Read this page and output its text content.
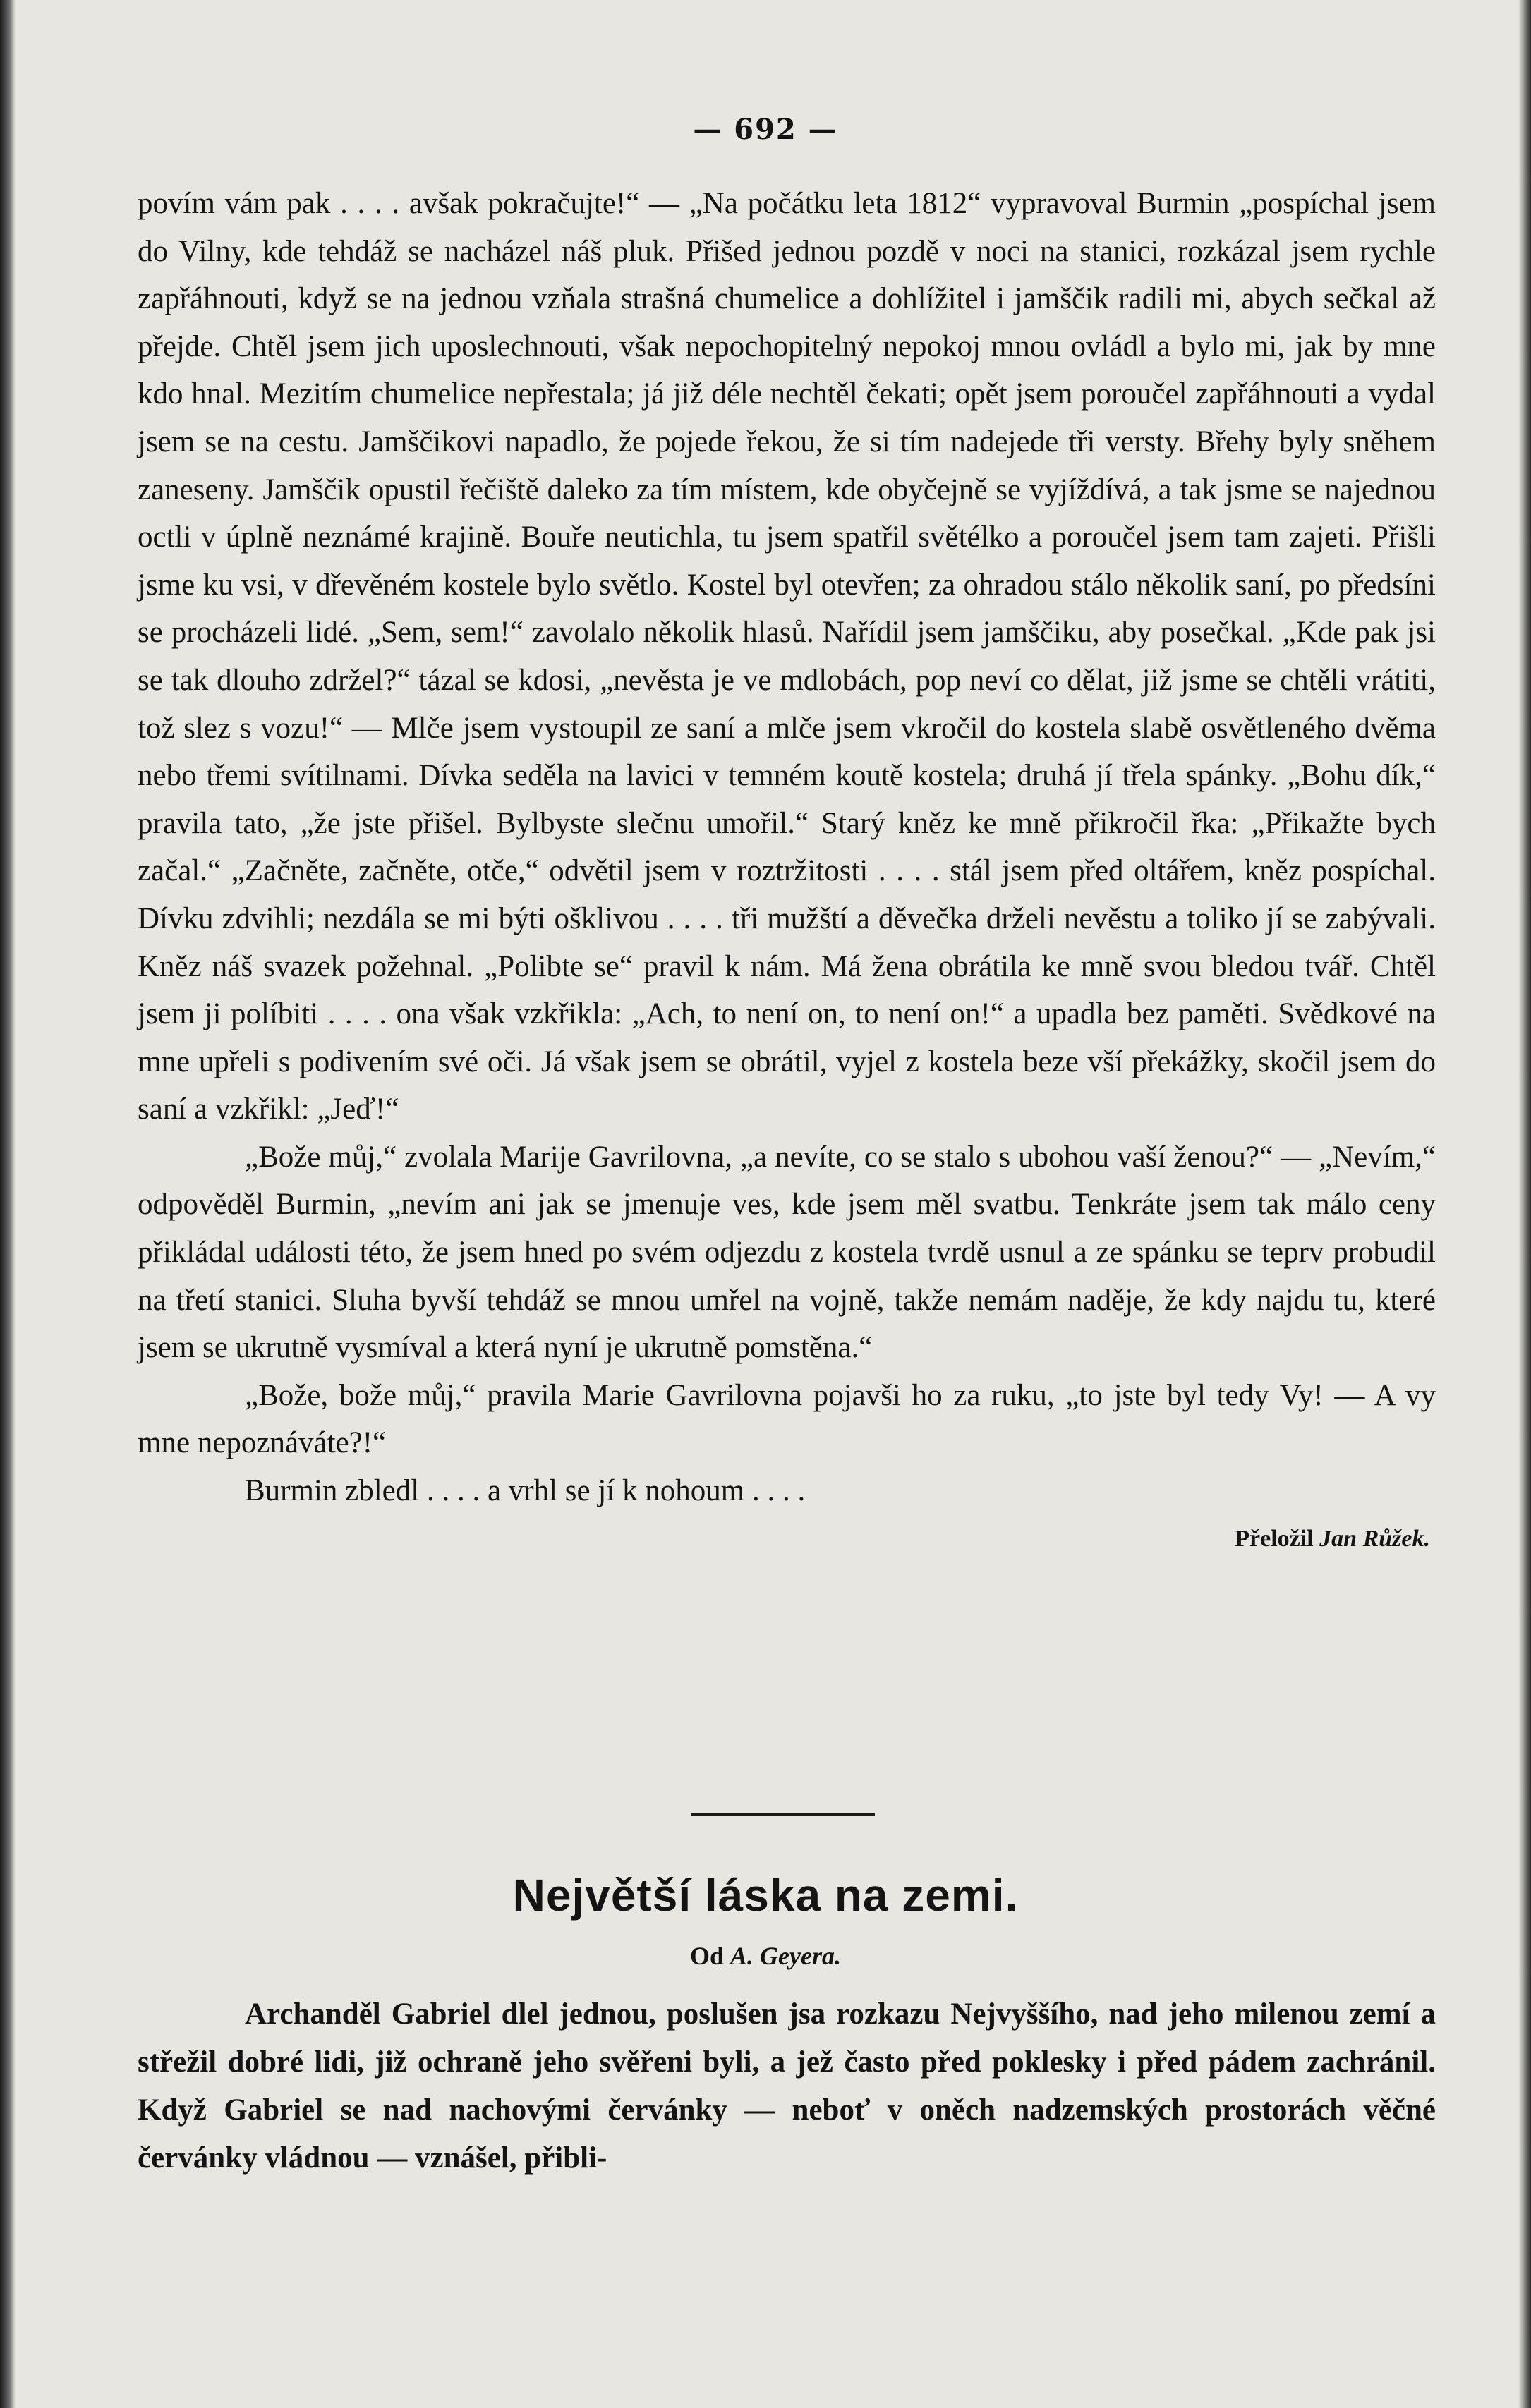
— 692 —

povím vám pak . . . . avšak pokračujte!“ — „Na počátku leta 1812“ vypravoval Burmin „pospíchal jsem do Vilny, kde tehdáž se nacházel náš pluk. Přišed jednou pozdě v noci na stanici, rozkázal jsem rychle zapřáhnouti, když se na jednou vzňala strašná chumelice a dohlížitel i jamščik radili mi, abych sečkal až přejde. Chtěl jsem jich uposlechnouti, však nepochopitelný nepokoj mnou ovládl a bylo mi, jak by mne kdo hnal. Mezitím chumelice nepřestala; já již déle nechtěl čekati; opět jsem poroučel zapřáhnouti a vydal jsem se na cestu. Jamščikovi napadlo, že pojede řekou, že si tím nadejede tři versty. Břehy byly sněhem zaneseny. Jamščik opustil řečiště daleko za tím místem, kde obyčejně se vyjíždívá, a tak jsme se najednou octli v úplně neznámé krajině. Bouře neutichla, tu jsem spatřil světélko a poroučel jsem tam zajeti. Přišli jsme ku vsi, v dřevěném kostele bylo světlo. Kostel byl otevřen; za ohradou stálo několik saní, po předsíni se procházeli lidé. „Sem, sem!“ zavolalo několik hlasů. Nařídil jsem jamščiku, aby posečkal. „Kde pak jsi se tak dlouho zdržel?“ tázal se kdosi, „nevěsta je ve mdlobách, pop neví co dělat, již jsme se chtěli vrátiti, tož slez s vozu!“ — Mlče jsem vystoupil ze saní a mlče jsem vkročil do kostela slabě osvětleného dvěma nebo třemi svítilnami. Dívka seděla na lavici v temném koutě kostela; druhá jí třela spánky. „Bohu dík,“ pravila tato, „že jste přišel. Bylbyste slečnu umořil.“ Starý kněz ke mně přikročil řka: „Přikažte bych začal.“ „Začněte, začněte, otče,“ odvětil jsem v roztržitosti . . . . stál jsem před oltářem, kněz pospíchal. Dívku zdvihli; nezdála se mi býti ošklivou . . . . tři mužští a děvečka drželi nevěstu a toliko jí se zabývali. Kněz náš svazek požehnal. „Polibte se“ pravil k nám. Má žena obrátila ke mně svou bledou tvář. Chtěl jsem ji políbiti . . . . ona však vzkřikla: „Ach, to není on, to není on!“ a upadla bez paměti. Svědkové na mne upřeli s podivením své oči. Já však jsem se obrátil, vyjel z kostela beze vší překážky, skočil jsem do saní a vzkřikl: „Jeď!“

„Bože můj,“ zvolala Marije Gavrilovna, „a nevíte, co se stalo s ubohou vaší ženou?“ — „Nevím,“ odpověděl Burmin, „nevím ani jak se jmenuje ves, kde jsem měl svatbu. Tenkráte jsem tak málo ceny přikládal události této, že jsem hned po svém odjezdu z kostela tvrdě usnul a ze spánku se teprv probudil na třetí stanici. Sluha byvší tehdáž se mnou umřel na vojně, takže nemám naděje, že kdy najdu tu, které jsem se ukrutně vysmíval a která nyní je ukrutně pomstěna.“

„Bože, bože můj,“ pravila Marie Gavrilovna pojavši ho za ruku, „to jste byl tedy Vy! — A vy mne nepoznáváte?!“

Burmin zbledl . . . . a vrhl se jí k nohoum . . . .

Přeložil Jan Růžek.
Největší láska na zemi.
Od A. Geyera.
Archanděl Gabriel dlel jednou, poslušen jsa rozkazu Nejvyššího, nad jeho milenou zemí a střežil dobré lidi, již ochraně jeho svěřeni byli, a jež často před poklesky i před pádem zachránil. Když Gabriel se nad nachovými červánky — neboť v oněch nadzemských prostorách věčné červánky vládnou — vznášel, přibli-
